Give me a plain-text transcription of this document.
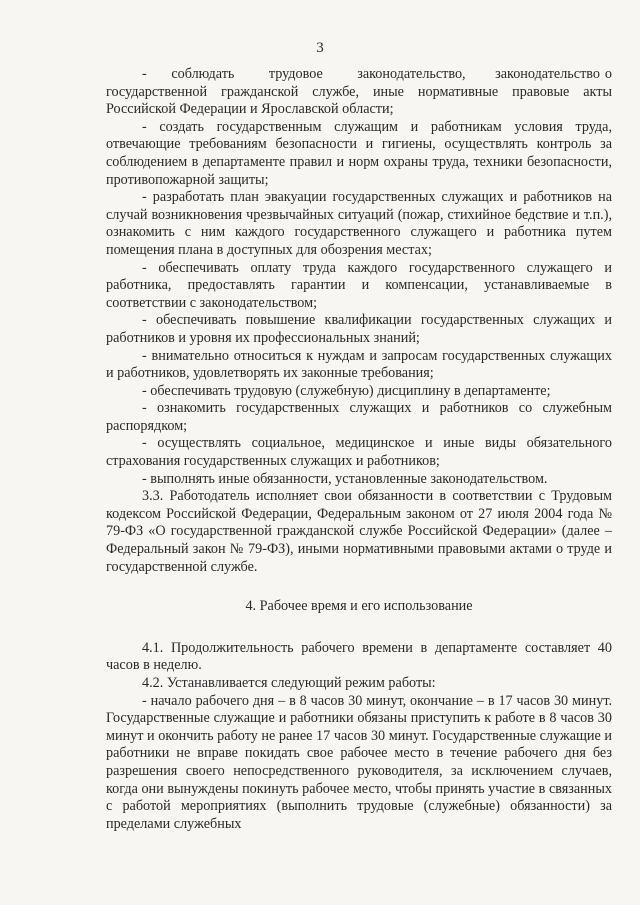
3

-     соблюдать       трудовое       законодательство,      законодательство о государственной гражданской службе, иные нормативные правовые акты Российской Федерации и Ярославской области;

- создать государственным служащим и работникам условия труда, отвечающие требованиям безопасности и гигиены, осуществлять контроль за соблюдением в департаменте правил и норм охраны труда, техники безопасности, противопожарной защиты;

- разработать план эвакуации государственных служащих и работников на случай возникновения чрезвычайных ситуаций (пожар, стихийное бедствие и т.п.), ознакомить с ним каждого государственного служащего и работника путем помещения плана в доступных для обозрения местах;

- обеспечивать оплату труда каждого государственного служащего и работника, предоставлять гарантии и компенсации, устанавливаемые в соответствии с законодательством;

- обеспечивать повышение квалификации государственных служащих и работников и уровня их профессиональных знаний;

- внимательно относиться к нуждам и запросам государственных служащих и работников, удовлетворять их законные требования;

- обеспечивать трудовую (служебную) дисциплину в департаменте;

- ознакомить государственных служащих и работников со служебным распорядком;

- осуществлять социальное, медицинское и иные виды обязательного страхования государственных служащих и работников;

- выполнять иные обязанности, установленные законодательством.

3.3. Работодатель исполняет свои обязанности в соответствии с Трудовым кодексом Российской Федерации, Федеральным законом от 27 июля 2004 года № 79-ФЗ «О государственной гражданской службе Российской Федерации» (далее – Федеральный закон № 79-ФЗ), иными нормативными правовыми актами о труде и государственной службе.

4. Рабочее время и его использование

4.1. Продолжительность рабочего времени в департаменте составляет 40 часов в неделю.

4.2. Устанавливается следующий режим работы:

- начало рабочего дня – в 8 часов 30 минут, окончание – в 17 часов 30 минут. Государственные служащие и работники обязаны приступить к работе в 8 часов 30 минут и окончить работу не ранее 17 часов 30 минут. Государственные служащие и работники не вправе покидать свое рабочее место в течение рабочего дня без разрешения своего непосредственного руководителя, за исключением случаев, когда они вынуждены покинуть рабочее место, чтобы принять участие в связанных с работой мероприятиях (выполнить трудовые (служебные) обязанности) за пределами служебных
